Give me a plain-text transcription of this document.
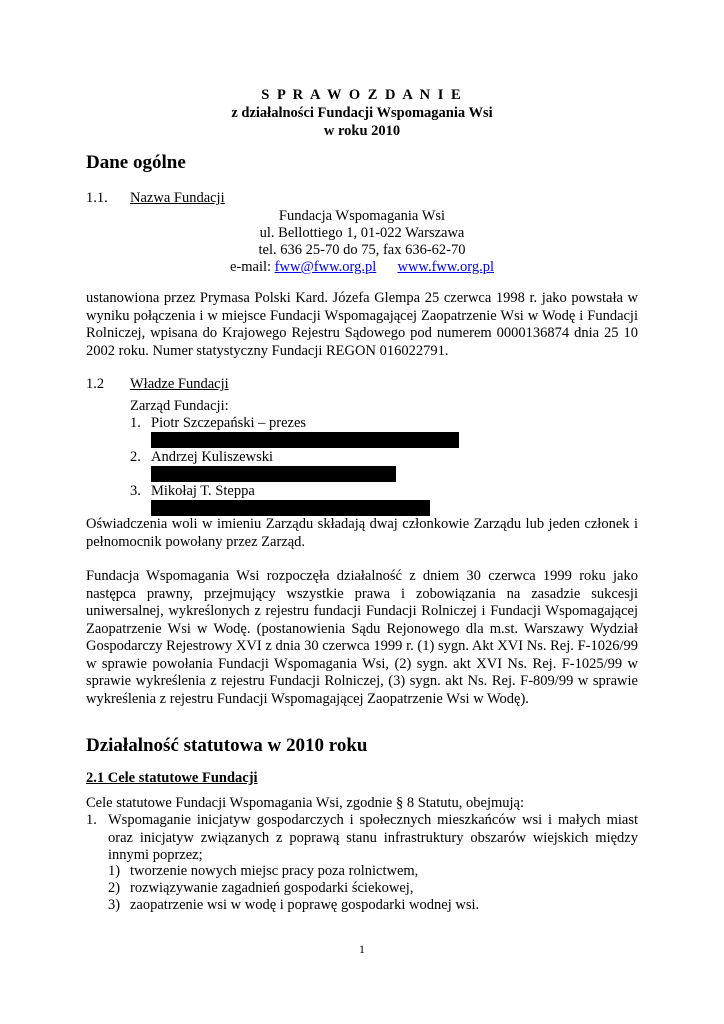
S P R A W O Z D A N I E
z działalności Fundacji Wspomagania Wsi
w roku 2010
Dane ogólne
1.1. Nazwa Fundacji
Fundacja Wspomagania Wsi
ul. Bellottiego 1, 01-022 Warszawa
tel. 636 25-70 do 75, fax 636-62-70
e-mail: fww@fww.org.pl www.fww.org.pl
ustanowiona przez Prymasa Polski Kard. Józefa Glempa 25 czerwca 1998 r. jako powstała w wyniku połączenia i w miejsce Fundacji Wspomagającej Zaopatrzenie Wsi w Wodę i Fundacji Rolniczej, wpisana do Krajowego Rejestru Sądowego pod numerem 0000136874 dnia 25 10 2002 roku. Numer statystyczny Fundacji REGON 016022791.
1.2 Władze Fundacji
Zarząd Fundacji:
1. Piotr Szczepański – prezes
2. Andrzej Kuliszewski
3. Mikołaj T. Steppa
Oświadczenia woli w imieniu Zarządu składają dwaj członkowie Zarządu lub jeden członek i pełnomocnik powołany przez Zarząd.
Fundacja Wspomagania Wsi rozpoczęła działalność z dniem 30 czerwca 1999 roku jako następca prawny, przejmujący wszystkie prawa i zobowiązania na zasadzie sukcesji uniwersalnej, wykreślonych z rejestru fundacji Fundacji Rolniczej i Fundacji Wspomagającej Zaopatrzenie Wsi w Wodę. (postanowienia Sądu Rejonowego dla m.st. Warszawy Wydział Gospodarczy Rejestrowy XVI z dnia 30 czerwca 1999 r. (1) sygn. Akt XVI Ns. Rej. F-1026/99 w sprawie powołania Fundacji Wspomagania Wsi, (2) sygn. akt XVI Ns. Rej. F-1025/99 w sprawie wykreślenia z rejestru Fundacji Rolniczej, (3) sygn. akt Ns. Rej. F-809/99 w sprawie wykreślenia z rejestru Fundacji Wspomagającej Zaopatrzenie Wsi w Wodę).
Działalność statutowa w 2010 roku
2.1 Cele statutowe Fundacji
Cele statutowe Fundacji Wspomagania Wsi, zgodnie § 8 Statutu, obejmują:
1. Wspomaganie inicjatyw gospodarczych i społecznych mieszkańców wsi i małych miast oraz inicjatyw związanych z poprawą stanu infrastruktury obszarów wiejskich między innymi poprzez;
1) tworzenie nowych miejsc pracy poza rolnictwem,
2) rozwiązywanie zagadnień gospodarki ściekowej,
3) zaopatrzenie wsi w wodę i poprawę gospodarki wodnej wsi.
1
